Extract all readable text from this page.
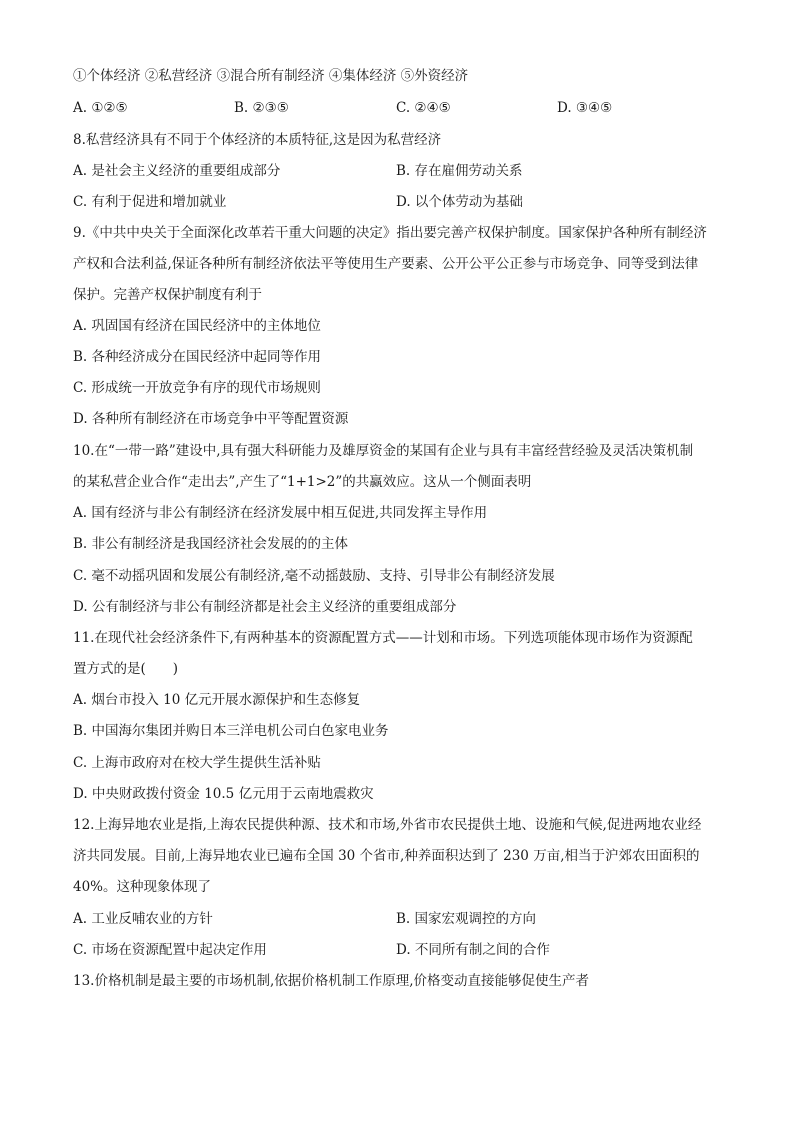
①个体经济 ②私营经济 ③混合所有制经济 ④集体经济 ⑤外资经济
A. ①②⑤	B. ②③⑤	C. ②④⑤	D. ③④⑤
8.私营经济具有不同于个体经济的本质特征,这是因为私营经济
A. 是社会主义经济的重要组成部分	B. 存在雇佣劳动关系
C. 有利于促进和增加就业	D. 以个体劳动为基础
9.《中共中央关于全面深化改革若干重大问题的决定》指出要完善产权保护制度。国家保护各种所有制经济
产权和合法利益,保证各种所有制经济依法平等使用生产要素、公开公平公正参与市场竞争、同等受到法律
保护。完善产权保护制度有利于
A. 巩固国有经济在国民经济中的主体地位
B. 各种经济成分在国民经济中起同等作用
C. 形成统一开放竞争有序的现代市场规则
D. 各种所有制经济在市场竞争中平等配置资源
10.在“一带一路”建设中,具有强大科研能力及雄厚资金的某国有企业与具有丰富经营经验及灵活决策机制
的某私营企业合作“走出去”,产生了“1+1>2”的共赢效应。这从一个侧面表明
A. 国有经济与非公有制经济在经济发展中相互促进,共同发挥主导作用
B. 非公有制经济是我国经济社会发展的的主体
C. 毫不动摇巩固和发展公有制经济,毫不动摇鼓励、支持、引导非公有制经济发展
D. 公有制经济与非公有制经济都是社会主义经济的重要组成部分
11.在现代社会经济条件下,有两种基本的资源配置方式——计划和市场。下列选项能体现市场作为资源配
置方式的是(　　)
A. 烟台市投入 10 亿元开展水源保护和生态修复
B. 中国海尔集团并购日本三洋电机公司白色家电业务
C. 上海市政府对在校大学生提供生活补贴
D. 中央财政拨付资金 10.5 亿元用于云南地震救灾
12.上海异地农业是指,上海农民提供种源、技术和市场,外省市农民提供土地、设施和气候,促进两地农业经
济共同发展。目前,上海异地农业已遍布全国 30 个省市,种养面积达到了 230 万亩,相当于沪郊农田面积的
40%。这种现象体现了
A. 工业反哺农业的方针	B. 国家宏观调控的方向
C. 市场在资源配置中起决定作用	D. 不同所有制之间的合作
13.价格机制是最主要的市场机制,依据价格机制工作原理,价格变动直接能够促使生产者
